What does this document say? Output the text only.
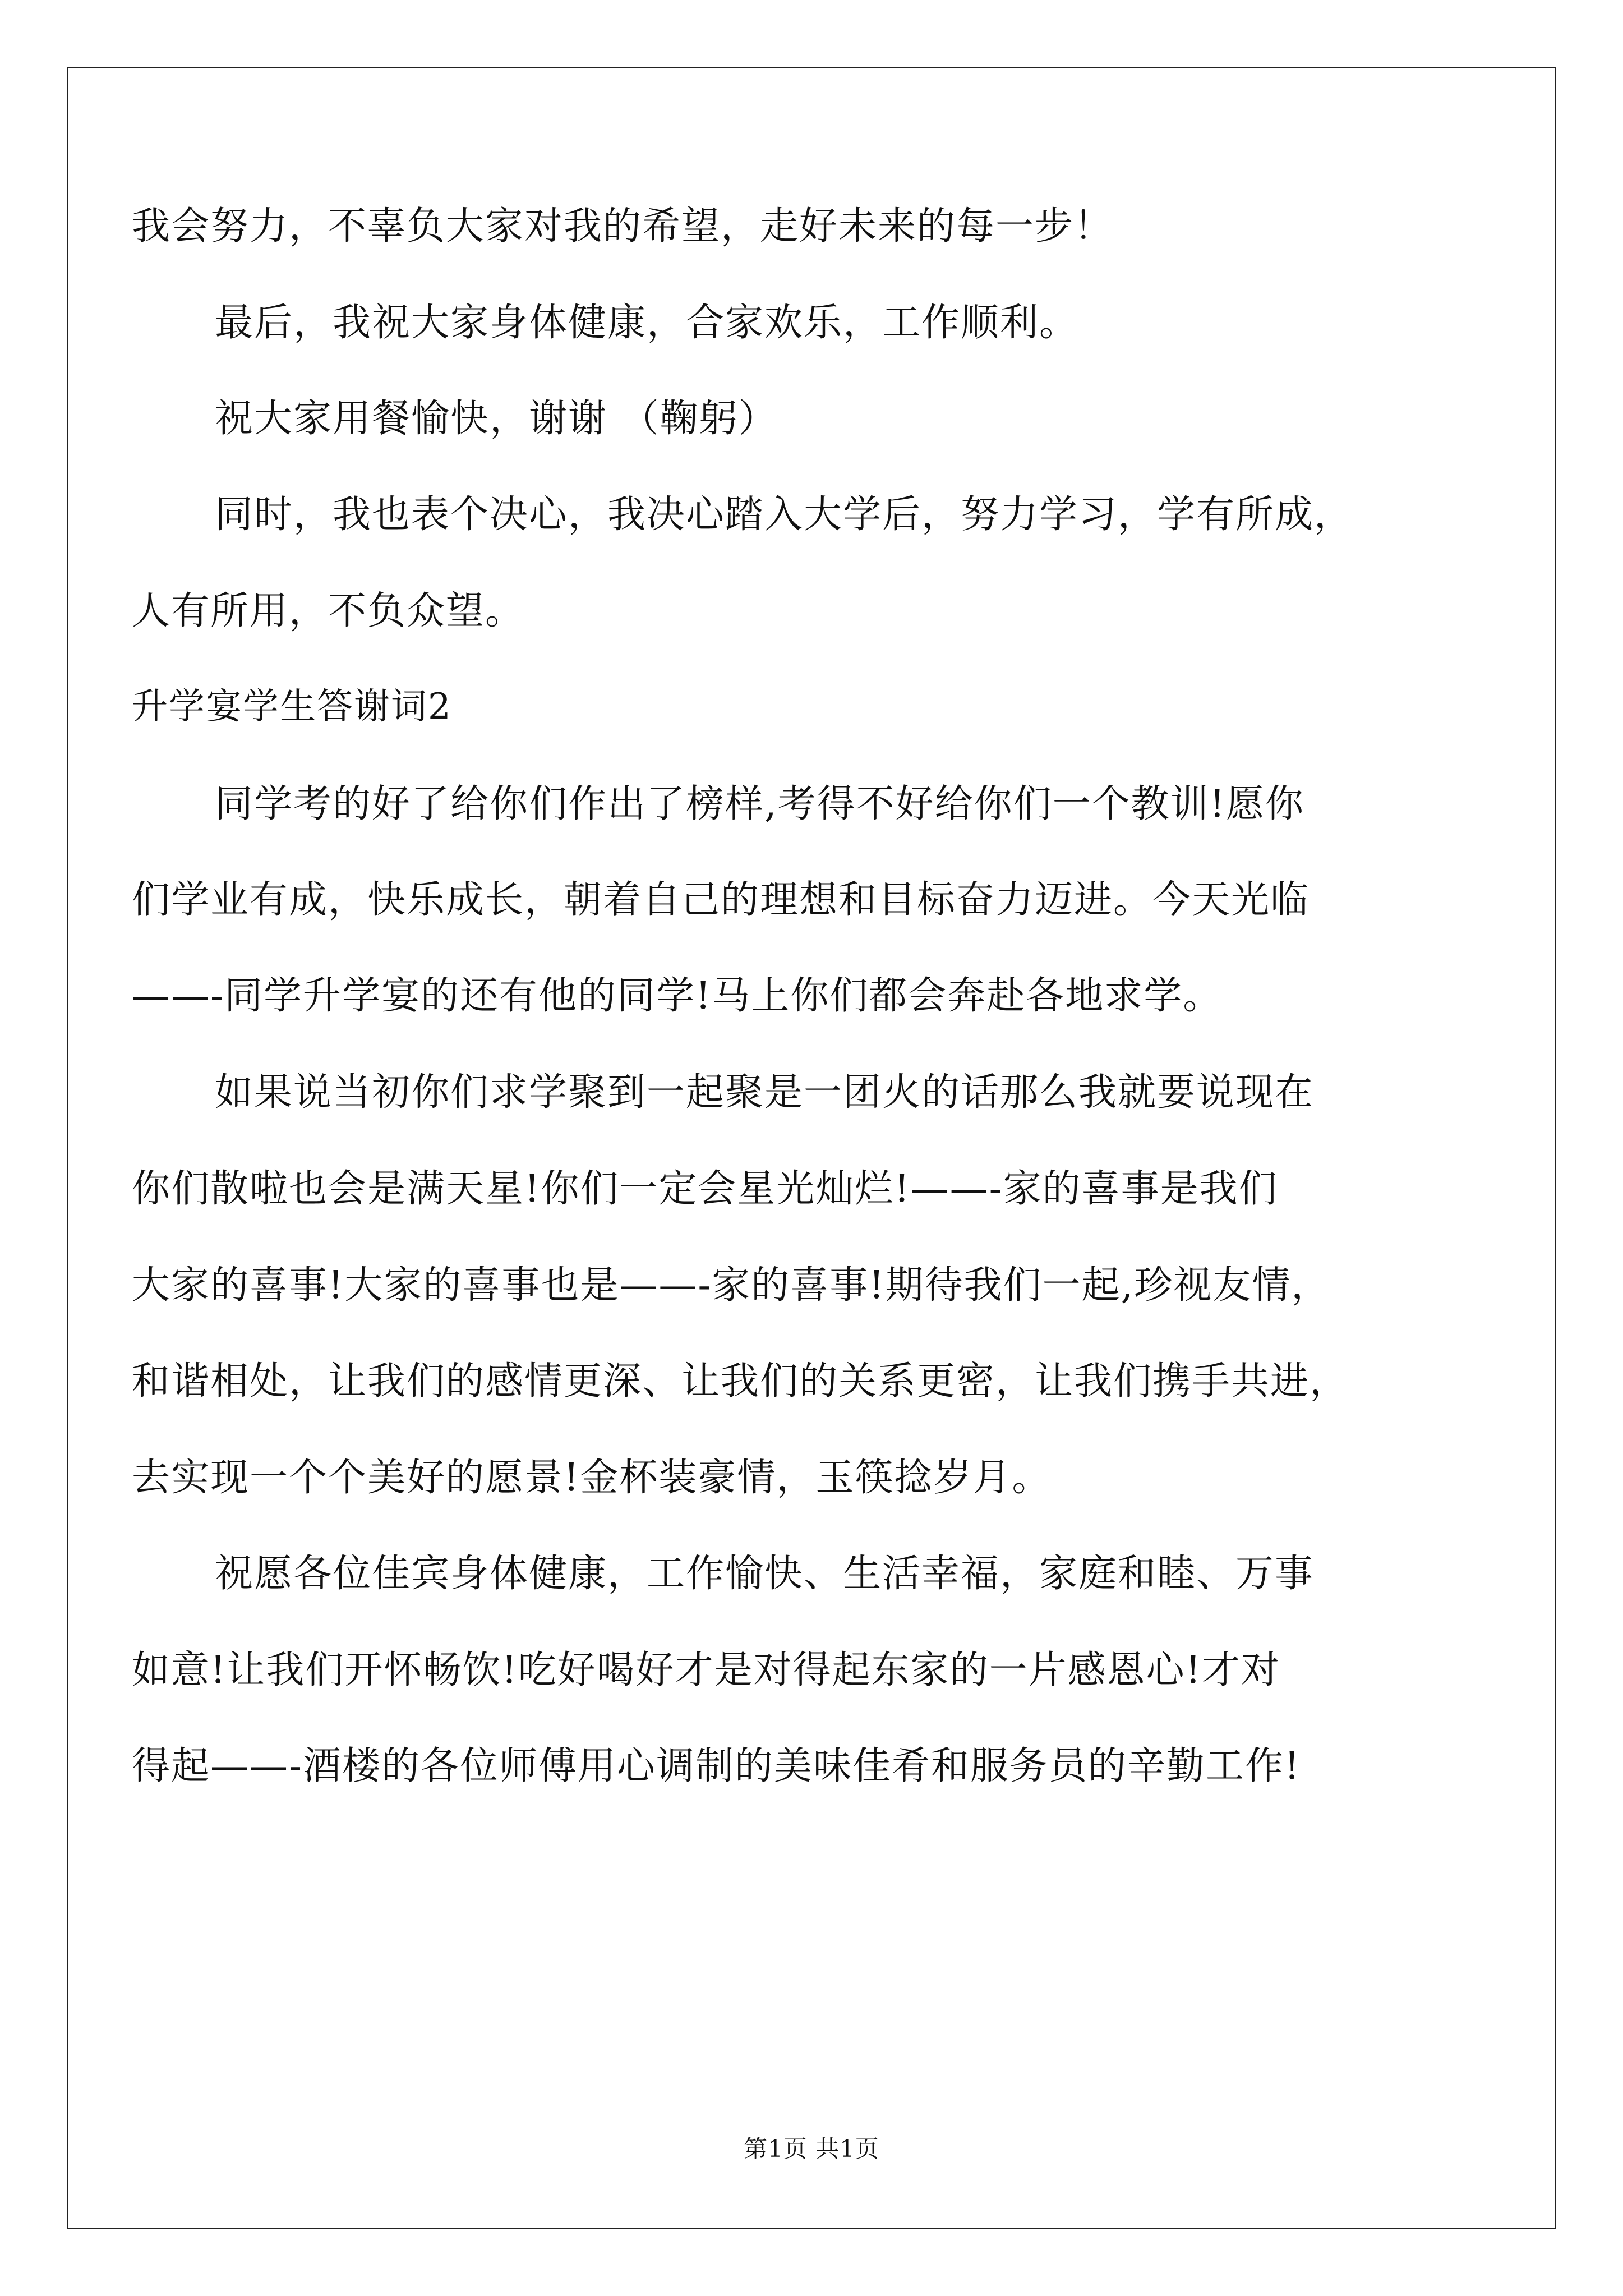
我会努力，不辜负大家对我的希望，走好未来的每一步！
最后，我祝大家身体健康，合家欢乐，工作顺利。
祝大家用餐愉快，谢谢 （鞠躬）
同时，我也表个决心，我决心踏入大学后，努力学习，学有所成，
人有所用，不负众望。
升学宴学生答谢词2
同学考的好了给你们作出了榜样,考得不好给你们一个教训!愿你
们学业有成，快乐成长，朝着自己的理想和目标奋力迈进。今天光临
——-同学升学宴的还有他的同学!马上你们都会奔赴各地求学。
如果说当初你们求学聚到一起聚是一团火的话那么我就要说现在
你们散啦也会是满天星!你们一定会星光灿烂!——-家的喜事是我们
大家的喜事!大家的喜事也是——-家的喜事!期待我们一起,珍视友情，
和谐相处，让我们的感情更深、让我们的关系更密，让我们携手共进，
去实现一个个美好的愿景!金杯装豪情，玉筷捻岁月。
祝愿各位佳宾身体健康，工作愉快、生活幸福，家庭和睦、万事
如意!让我们开怀畅饮!吃好喝好才是对得起东家的一片感恩心!才对
得起——-酒楼的各位师傅用心调制的美味佳肴和服务员的辛勤工作!
第1页 共1页
